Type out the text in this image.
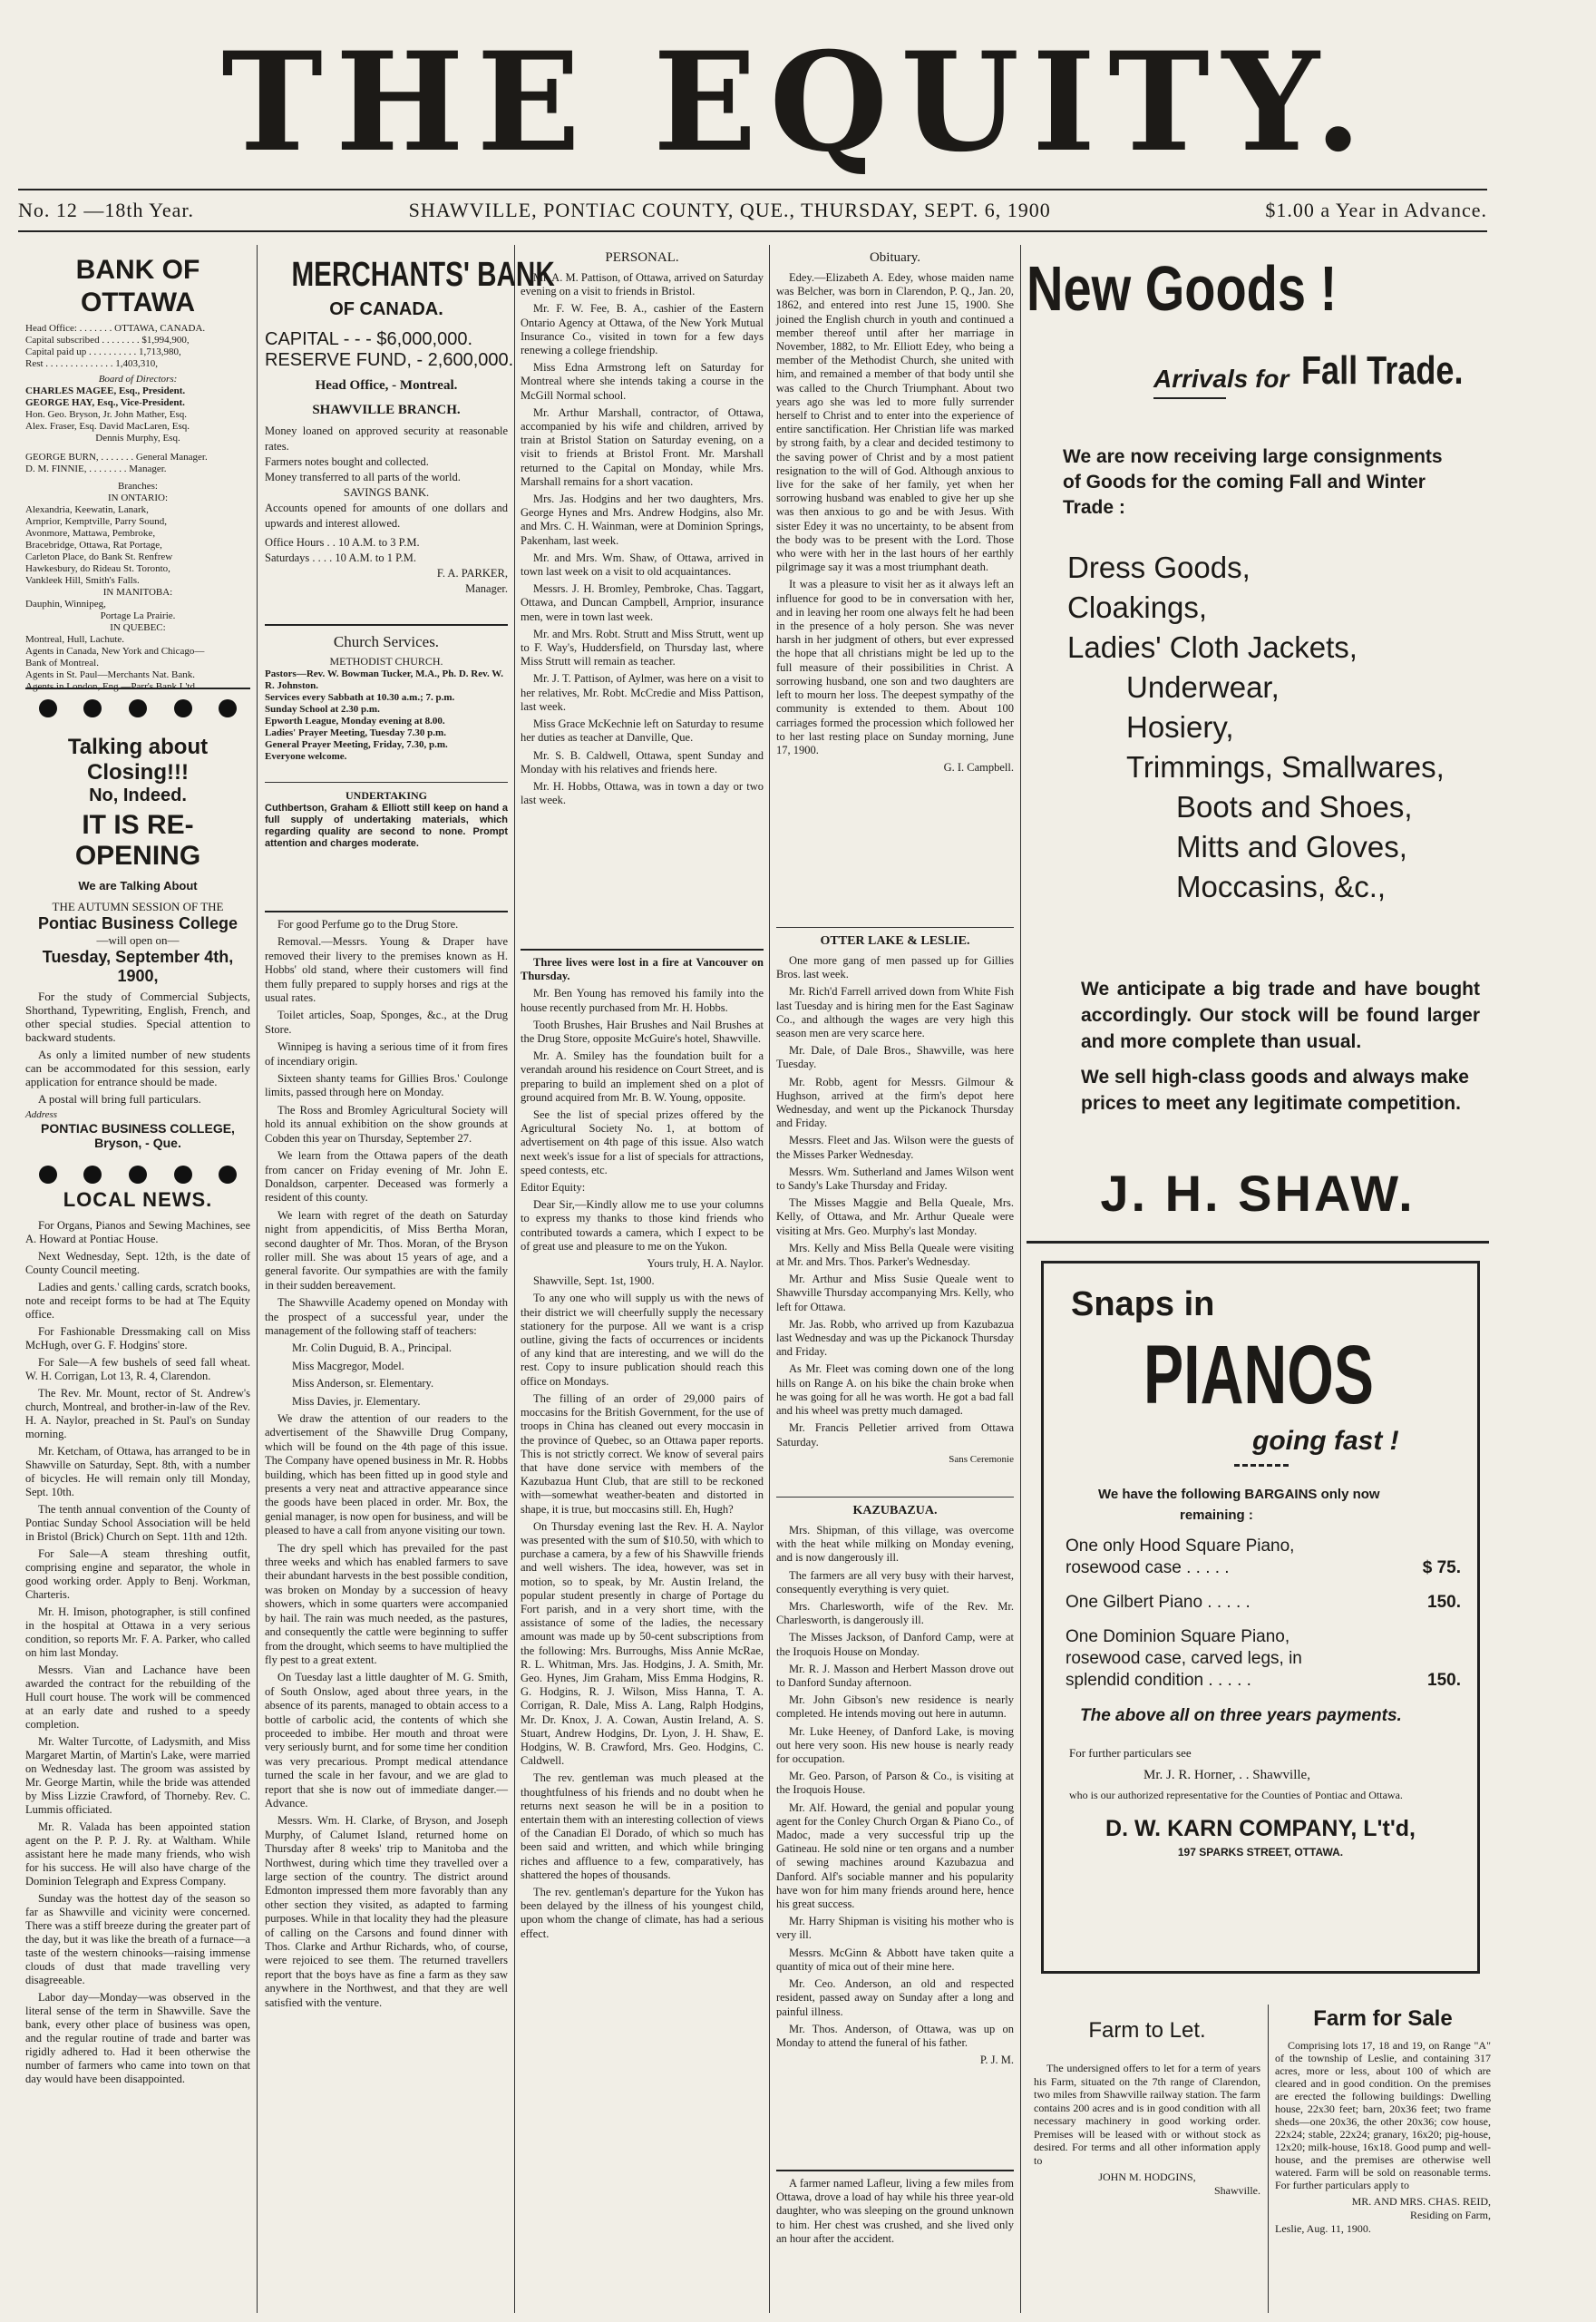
THE EQUITY.
No. 12 —18th Year.	SHAWVILLE, PONTIAC COUNTY, QUE., THURSDAY, SEPT. 6, 1900	$1.00 a Year in Advance.
BANK OF OTTAWA
Head Office: . . . . . . . OTTAWA, CANADA.
Capital subscribed . . . . . . . . $1,994,900,
Capital paid up . . . . . . . . . . 1,713,980,
Rest . . . . . . . . . . . . . . 1,403,310,
Board of Directors:
CHARLES MAGEE, Esq., President.
GEORGE HAY, Esq., Vice-President.
Hon. Geo. Bryson, Jr. John Mather, Esq.
Alex. Fraser, Esq. David MacLaren, Esq.
Dennis Murphy, Esq.
GEORGE BURN, . . . . . . . General Manager.
D. M. FINNIE, . . . . . . . . Manager.
Branches:
IN ONTARIO:
Alexandria, Keewatin, Lanark,
Arnprior, Kemptville, Parry Sound,
Avonmore, Mattawa, Pembroke,
Bracebridge, Ottawa, Rat Portage,
Carleton Place, do Bank St. Renfrew
Hawkesbury, do Rideau St. Toronto,
Vankleek Hill, Smith's Falls.
IN MANITOBA:
Dauphin, Winnipeg,
Portage La Prairie.
IN QUEBEC:
Montreal, Hull, Lachute.
Agents in Canada, New York and Chicago—
Bank of Montreal.
Agents in St. Paul—Merchants Nat. Bank.
Agents in London, Eng.—Parr's Bank L'td.
Talking about Closing!!!
No, Indeed.
IT IS RE-OPENING
We are Talking About
THE AUTUMN SESSION OF THE
Pontiac Business College
—will open on—
Tuesday, September 4th, 1900,

For the study of Commercial Subjects, Shorthand, Typewriting, English, French, and other special studies. Special attention to backward students.

As only a limited number of new students can be accommodated for this session, early application for entrance should be made.

A postal will bring full particulars.

Address
PONTIAC BUSINESS COLLEGE,
Bryson, - Que.
LOCAL NEWS.

For Organs, Pianos and Sewing Machines, see A. Howard at Pontiac House.

Next Wednesday, Sept. 12th, is the date of County Council meeting.

Ladies and gents.' calling cards, scratch books, note and receipt forms to be had at The Equity office.

For Fashionable Dressmaking call on Miss McHugh, over G. F. Hodgins' store.

For Sale—A few bushels of seed fall wheat. W. H. Corrigan, Lot 13, R. 4, Clarendon.

The Rev. Mr. Mount, rector of St. Andrew's church, Montreal, and brother-in-law of the Rev. H. A. Naylor, preached in St. Paul's on Sunday morning.

Mr. Ketcham, of Ottawa, has arranged to be in Shawville on Saturday, Sept. 8th, with a number of bicycles. He will remain only till Monday, Sept. 10th.

The tenth annual convention of the County of Pontiac Sunday School Association will be held in Bristol (Brick) Church on Sept. 11th and 12th.

For Sale—A steam threshing outfit, comprising engine and separator, the whole in good working order. Apply to Benj. Workman, Charteris.

Mr. H. Imison, photographer, is still confined in the hospital at Ottawa in a very serious condition, so reports Mr. F. A. Parker, who called on him last Monday.

Messrs. Vian and Lachance have been awarded the contract for the rebuilding of the Hull court house. The work will be commenced at an early date and rushed to a speedy completion.

Mr. Walter Turcotte, of Ladysmith, and Miss Margaret Martin, of Martin's Lake, were married on Wednesday last. The groom was assisted by Mr. George Martin, while the bride was attended by Miss Lizzie Crawford, of Thorneby. Rev. C. Lummis officiated.

Mr. R. Valada has been appointed station agent on the P. P. J. Ry. at Waltham. While assistant here he made many friends, who wish for his success. He will also have charge of the Dominion Telegraph and Express Company.

Sunday was the hottest day of the season so far as Shawville and vicinity were concerned. There was a stiff breeze during the greater part of the day, but it was like the breath of a furnace—a taste of the western chinooks—raising immense clouds of dust that made travelling very disagreeable.

Labor day—Monday—was observed in the literal sense of the term in Shawville. Save the bank, every other place of business was open, and the regular routine of trade and barter was rigidly adhered to. Had it been otherwise the number of farmers who came into town on that day would have been disappointed.

MERCHANTS' BANK
OF CANADA.
CAPITAL - - - $6,000,000.
RESERVE FUND, - 2,600,000.
Head Office, - Montreal.
SHAWVILLE BRANCH.
Money loaned on approved security at reasonable rates.
Farmers notes bought and collected.
Money transferred to all parts of the world.
SAVINGS BANK.
Accounts opened for amounts of one dollars and upwards and interest allowed.
Office Hours . . 10 A.M. to 3 P.M.
Saturdays . . . . 10 A.M. to 1 P.M.
F. A. PARKER,
Manager.
Church Services.
METHODIST CHURCH.
Pastors—Rev. W. Bowman Tucker, M.A., Ph. D. Rev. W. R. Johnston.
Services every Sabbath at 10.30 a.m.; 7. p.m.
Sunday School at 2.30 p.m.
Epworth League, Monday evening at 8.00.
Ladies' Prayer Meeting, Tuesday 7.30 p.m.
General Prayer Meeting, Friday, 7.30, p.m.
Everyone welcome.
UNDERTAKING
Cuthbertson, Graham & Elliott still keep on hand a full supply of undertaking materials, which regarding quality are second to none. Prompt attention and charges moderate.

For good Perfume go to the Drug Store.

Removal.—Messrs. Young & Draper have removed their livery to the premises known as H. Hobbs' old stand, where their customers will find them fully prepared to supply horses and rigs at the usual rates.

Toilet articles, Soap, Sponges, &c., at the Drug Store.

Winnipeg is having a serious time of it from fires of incendiary origin.

Sixteen shanty teams for Gillies Bros.' Coulonge limits, passed through here on Monday.

The Ross and Bromley Agricultural Society will hold its annual exhibition on the show grounds at Cobden this year on Thursday, September 27.

We learn from the Ottawa papers of the death from cancer on Friday evening of Mr. John E. Donaldson, carpenter. Deceased was formerly a resident of this county.

We learn with regret of the death on Saturday night from appendicitis, of Miss Bertha Moran, second daughter of Mr. Thos. Moran, of the Bryson roller mill. She was about 15 years of age, and a general favorite. Our sympathies are with the family in their sudden bereavement.

The Shawville Academy opened on Monday with the prospect of a successful year, under the management of the following staff of teachers:

Mr. Colin Duguid, B. A., Principal.

Miss Macgregor, Model.

Miss Anderson, sr. Elementary.

Miss Davies, jr. Elementary.

We draw the attention of our readers to the advertisement of the Shawville Drug Company, which will be found on the 4th page of this issue. The Company have opened business in Mr. R. Hobbs building, which has been fitted up in good style and presents a very neat and attractive appearance since the goods have been placed in order. Mr. Box, the genial manager, is now open for business, and will be pleased to have a call from anyone visiting our town.

The dry spell which has prevailed for the past three weeks and which has enabled farmers to save their abundant harvests in the best possible condition, was broken on Monday by a succession of heavy showers, which in some quarters were accompanied by hail. The rain was much needed, as the pastures, and consequently the cattle were beginning to suffer from the drought, which seems to have multiplied the fly pest to a great extent.

On Tuesday last a little daughter of M. G. Smith, of South Onslow, aged about three years, in the absence of its parents, managed to obtain access to a bottle of carbolic acid, the contents of which she proceeded to imbibe. Her mouth and throat were very seriously burnt, and for some time her condition was very precarious. Prompt medical attendance turned the scale in her favour, and we are glad to report that she is now out of immediate danger.—Advance.

Messrs. Wm. H. Clarke, of Bryson, and Joseph Murphy, of Calumet Island, returned home on Thursday after 8 weeks' trip to Manitoba and the Northwest, during which time they travelled over a large section of the country. The district around Edmonton impressed them more favorably than any other section they visited, as adapted to farming purposes. While in that locality they had the pleasure of calling on the Carsons and found dinner with Thos. Clarke and Arthur Richards, who, of course, were rejoiced to see them. The returned travellers report that the boys have as fine a farm as they saw anywhere in the Northwest, and that they are well satisfied with the venture.

PERSONAL.

Mr. A. M. Pattison, of Ottawa, arrived on Saturday evening on a visit to friends in Bristol.

Mr. F. W. Fee, B. A., cashier of the Eastern Ontario Agency at Ottawa, of the New York Mutual Insurance Co., visited in town for a few days renewing a college friendship.

Miss Edna Armstrong left on Saturday for Montreal where she intends taking a course in the McGill Normal school.

Mr. Arthur Marshall, contractor, of Ottawa, accompanied by his wife and children, arrived by train at Bristol Station on Saturday evening, on a visit to friends at Bristol Front. Mr. Marshall returned to the Capital on Monday, while Mrs. Marshall remains for a short vacation.

Mrs. Jas. Hodgins and her two daughters, Mrs. George Hynes and Mrs. Andrew Hodgins, also Mr. and Mrs. C. H. Wainman, were at Dominion Springs, Pakenham, last week.

Mr. and Mrs. Wm. Shaw, of Ottawa, arrived in town last week on a visit to old acquaintances.

Messrs. J. H. Bromley, Pembroke, Chas. Taggart, Ottawa, and Duncan Campbell, Arnprior, insurance men, were in town last week.

Mr. and Mrs. Robt. Strutt and Miss Strutt, went up to F. Way's, Huddersfield, on Thursday last, where Miss Strutt will remain as teacher.

Mr. J. T. Pattison, of Aylmer, was here on a visit to her relatives, Mr. Robt. McCredie and Miss Pattison, last week.

Miss Grace McKechnie left on Saturday to resume her duties as teacher at Danville, Que.

Mr. S. B. Caldwell, Ottawa, spent Sunday and Monday with his relatives and friends here.

Mr. H. Hobbs, Ottawa, was in town a day or two last week.

Three lives were lost in a fire at Vancouver on Thursday.

Mr. Ben Young has removed his family into the house recently purchased from Mr. H. Hobbs.

Tooth Brushes, Hair Brushes and Nail Brushes at the Drug Store, opposite McGuire's hotel, Shawville.

Mr. A. Smiley has the foundation built for a verandah around his residence on Court Street, and is preparing to build an implement shed on a plot of ground acquired from Mr. B. W. Young, opposite.

See the list of special prizes offered by the Agricultural Society No. 1, at bottom of advertisement on 4th page of this issue. Also watch next week's issue for a list of specials for attractions, speed contests, etc.

Editor Equity:

Dear Sir,—Kindly allow me to use your columns to express my thanks to those kind friends who contributed towards a camera, which I expect to be of great use and pleasure to me on the Yukon.

Yours truly, H. A. Naylor.

Shawville, Sept. 1st, 1900.

To any one who will supply us with the news of their district we will cheerfully supply the necessary stationery for the purpose. All we want is a crisp outline, giving the facts of occurrences or incidents of any kind that are interesting, and we will do the rest. Copy to insure publication should reach this office on Mondays.

The filling of an order of 29,000 pairs of moccasins for the British Government, for the use of troops in China has cleaned out every moccasin in the province of Quebec, so an Ottawa paper reports. This is not strictly correct. We know of several pairs that have done service with members of the Kazubazua Hunt Club, that are still to be reckoned with—somewhat weather-beaten and distorted in shape, it is true, but moccasins still. Eh, Hugh?

On Thursday evening last the Rev. H. A. Naylor was presented with the sum of $10.50, with which to purchase a camera, by a few of his Shawville friends and well wishers. The idea, however, was set in motion, so to speak, by Mr. Austin Ireland, the popular student presently in charge of Portage du Fort parish, and in a very short time, with the assistance of some of the ladies, the necessary amount was made up by 50-cent subscriptions from the following: Mrs. Burroughs, Miss Annie McRae, R. L. Whitman, Mrs. Jas. Hodgins, J. A. Smith, Mr. Geo. Hynes, Jim Graham, Miss Emma Hodgins, R. G. Hodgins, R. J. Wilson, Miss Hanna, T. A. Corrigan, R. Dale, Miss A. Lang, Ralph Hodgins, Mr. Dr. Knox, J. A. Cowan, Austin Ireland, A. S. Stuart, Andrew Hodgins, Dr. Lyon, J. H. Shaw, E. Hodgins, W. B. Crawford, Mrs. Geo. Hodgins, C. Caldwell.

The rev. gentleman was much pleased at the thoughtfulness of his friends and no doubt when he returns next season he will be in a position to entertain them with an interesting collection of views of the Canadian El Dorado, of which so much has been said and written, and which while bringing riches and affluence to a few, comparatively, has shattered the hopes of thousands.

The rev. gentleman's departure for the Yukon has been delayed by the illness of his youngest child, upon whom the change of climate, has had a serious effect.

Obituary.

Edey.—Elizabeth A. Edey, whose maiden name was Belcher, was born in Clarendon, P. Q., Jan. 20, 1862, and entered into rest June 15, 1900. She joined the English church in youth and continued a member thereof until after her marriage in November, 1882, to Mr. Elliott Edey, who being a member of the Methodist Church, she united with him, and remained a member of that body until she was called to the Church Triumphant. About two years ago she was led to more fully surrender herself to Christ and to enter into the experience of entire sanctification. Her Christian life was marked by strong faith, by a clear and decided testimony to the saving power of Christ and by a most patient resignation to the will of God. Although anxious to live for the sake of her family, yet when her sorrowing husband was enabled to give her up she was then anxious to go and be with Jesus. With sister Edey it was no uncertainty, to be absent from the body was to be present with the Lord. Those who were with her in the last hours of her earthly pilgrimage say it was a most triumphant death.

It was a pleasure to visit her as it always left an influence for good to be in conversation with her, and in leaving her room one always felt he had been in the presence of a holy person. She was never harsh in her judgment of others, but ever expressed the hope that all christians might be led up to the full measure of their possibilities in Christ. A sorrowing husband, one son and two daughters are left to mourn her loss. The deepest sympathy of the community is extended to them. About 100 carriages formed the procession which followed her to her last resting place on Sunday morning, June 17, 1900.

G. I. Campbell.

OTTER LAKE & LESLIE.

One more gang of men passed up for Gillies Bros. last week.

Mr. Rich'd Farrell arrived down from White Fish last Tuesday and is hiring men for the East Saginaw Co., and although the wages are very high this season men are very scarce here.

Mr. Dale, of Dale Bros., Shawville, was here Tuesday.

Mr. Robb, agent for Messrs. Gilmour & Hughson, arrived at the firm's depot here Wednesday, and went up the Pickanock Thursday and Friday.

Messrs. Fleet and Jas. Wilson were the guests of the Misses Parker Wednesday.

Messrs. Wm. Sutherland and James Wilson went to Sandy's Lake Thursday and Friday.

The Misses Maggie and Bella Queale, Mrs. Kelly, of Ottawa, and Mr. Arthur Queale were visiting at Mrs. Geo. Murphy's last Monday.

Mrs. Kelly and Miss Bella Queale were visiting at Mr. and Mrs. Thos. Parker's Wednesday.

Mr. Arthur and Miss Susie Queale went to Shawville Thursday accompanying Mrs. Kelly, who left for Ottawa.

Mr. Jas. Robb, who arrived up from Kazubazua last Wednesday and was up the Pickanock Thursday and Friday.

As Mr. Fleet was coming down one of the long hills on Range A. on his bike the chain broke when he was going for all he was worth. He got a bad fall and his wheel was pretty much damaged.

Mr. Francis Pelletier arrived from Ottawa Saturday.

Sans Ceremonie

KAZUBAZUA.

Mrs. Shipman, of this village, was overcome with the heat while milking on Monday evening, and is now dangerously ill.

The farmers are all very busy with their harvest, consequently everything is very quiet.

Mrs. Charlesworth, wife of the Rev. Mr. Charlesworth, is dangerously ill.

The Misses Jackson, of Danford Camp, were at the Iroquois House on Monday.

Mr. R. J. Masson and Herbert Masson drove out to Danford Sunday afternoon.

Mr. John Gibson's new residence is nearly completed. He intends moving out here in autumn.

Mr. Luke Heeney, of Danford Lake, is moving out here very soon. His new house is nearly ready for occupation.

Mr. Geo. Parson, of Parson & Co., is visiting at the Iroquois House.

Mr. Alf. Howard, the genial and popular young agent for the Conley Church Organ & Piano Co., of Madoc, made a very successful trip up the Gatineau. He sold nine or ten organs and a number of sewing machines around Kazubazua and Danford. Alf's sociable manner and his popularity have won for him many friends around here, hence his great success.

Mr. Harry Shipman is visiting his mother who is very ill.

Messrs. McGinn & Abbott have taken quite a quantity of mica out of their mine here.

Mr. Ceo. Anderson, an old and respected resident, passed away on Sunday after a long and painful illness.

Mr. Thos. Anderson, of Ottawa, was up on Monday to attend the funeral of his father.

P. J. M.

A farmer named Lafleur, living a few miles from Ottawa, drove a load of hay while his three year-old daughter, who was sleeping on the ground unknown to him. Her chest was crushed, and she lived only an hour after the accident.

New Goods !
Arrivals for Fall Trade.
We are now receiving large consignments of Goods for the coming Fall and Winter Trade :
Dress Goods,
Cloakings,
Ladies' Cloth Jackets,
Underwear,
Hosiery,
Trimmings, Smallwares,
Boots and Shoes,
Mitts and Gloves,
Moccasins, &c.,
We anticipate a big trade and have bought accordingly. Our stock will be found larger and more complete than usual.
We sell high-class goods and always make prices to meet any legitimate competition.
J. H. SHAW.
Snaps in
PIANOS
going fast !
We have the following BARGAINS only now
remaining :
One only Hood Square Piano, rosewood case . . . . .	$ 75.
One Gilbert Piano . . . . .	150.
One Dominion Square Piano, rosewood case, carved legs, in splendid condition . . . . .	150.
The above all on three years payments.
For further particulars see
Mr. J. R. Horner, . . Shawville,
who is our authorized representative for the Counties of Pontiac and Ottawa.
D. W. KARN COMPANY, L't'd,
197 SPARKS STREET, OTTAWA.
Farm to Let.

The undersigned offers to let for a term of years his Farm, situated on the 7th range of Clarendon, two miles from Shawville railway station. The farm contains 200 acres and is in good condition with all necessary machinery in good working order. Premises will be leased with or without stock as desired. For terms and all other information apply to

JOHN M. HODGINS,
Shawville.
Farm for Sale

Comprising lots 17, 18 and 19, on Range "A" of the township of Leslie, and containing 317 acres, more or less, about 100 of which are cleared and in good condition. On the premises are erected the following buildings: Dwelling house, 22x30 feet; barn, 20x36 feet; two frame sheds—one 20x36, the other 20x36; cow house, 22x24; stable, 22x24; granary, 16x20; pig-house, 12x20; milk-house, 16x18. Good pump and well-house, and the premises are otherwise well watered. Farm will be sold on reasonable terms. For further particulars apply to

MR. AND MRS. CHAS. REID,
Residing on Farm,
Leslie, Aug. 11, 1900.
